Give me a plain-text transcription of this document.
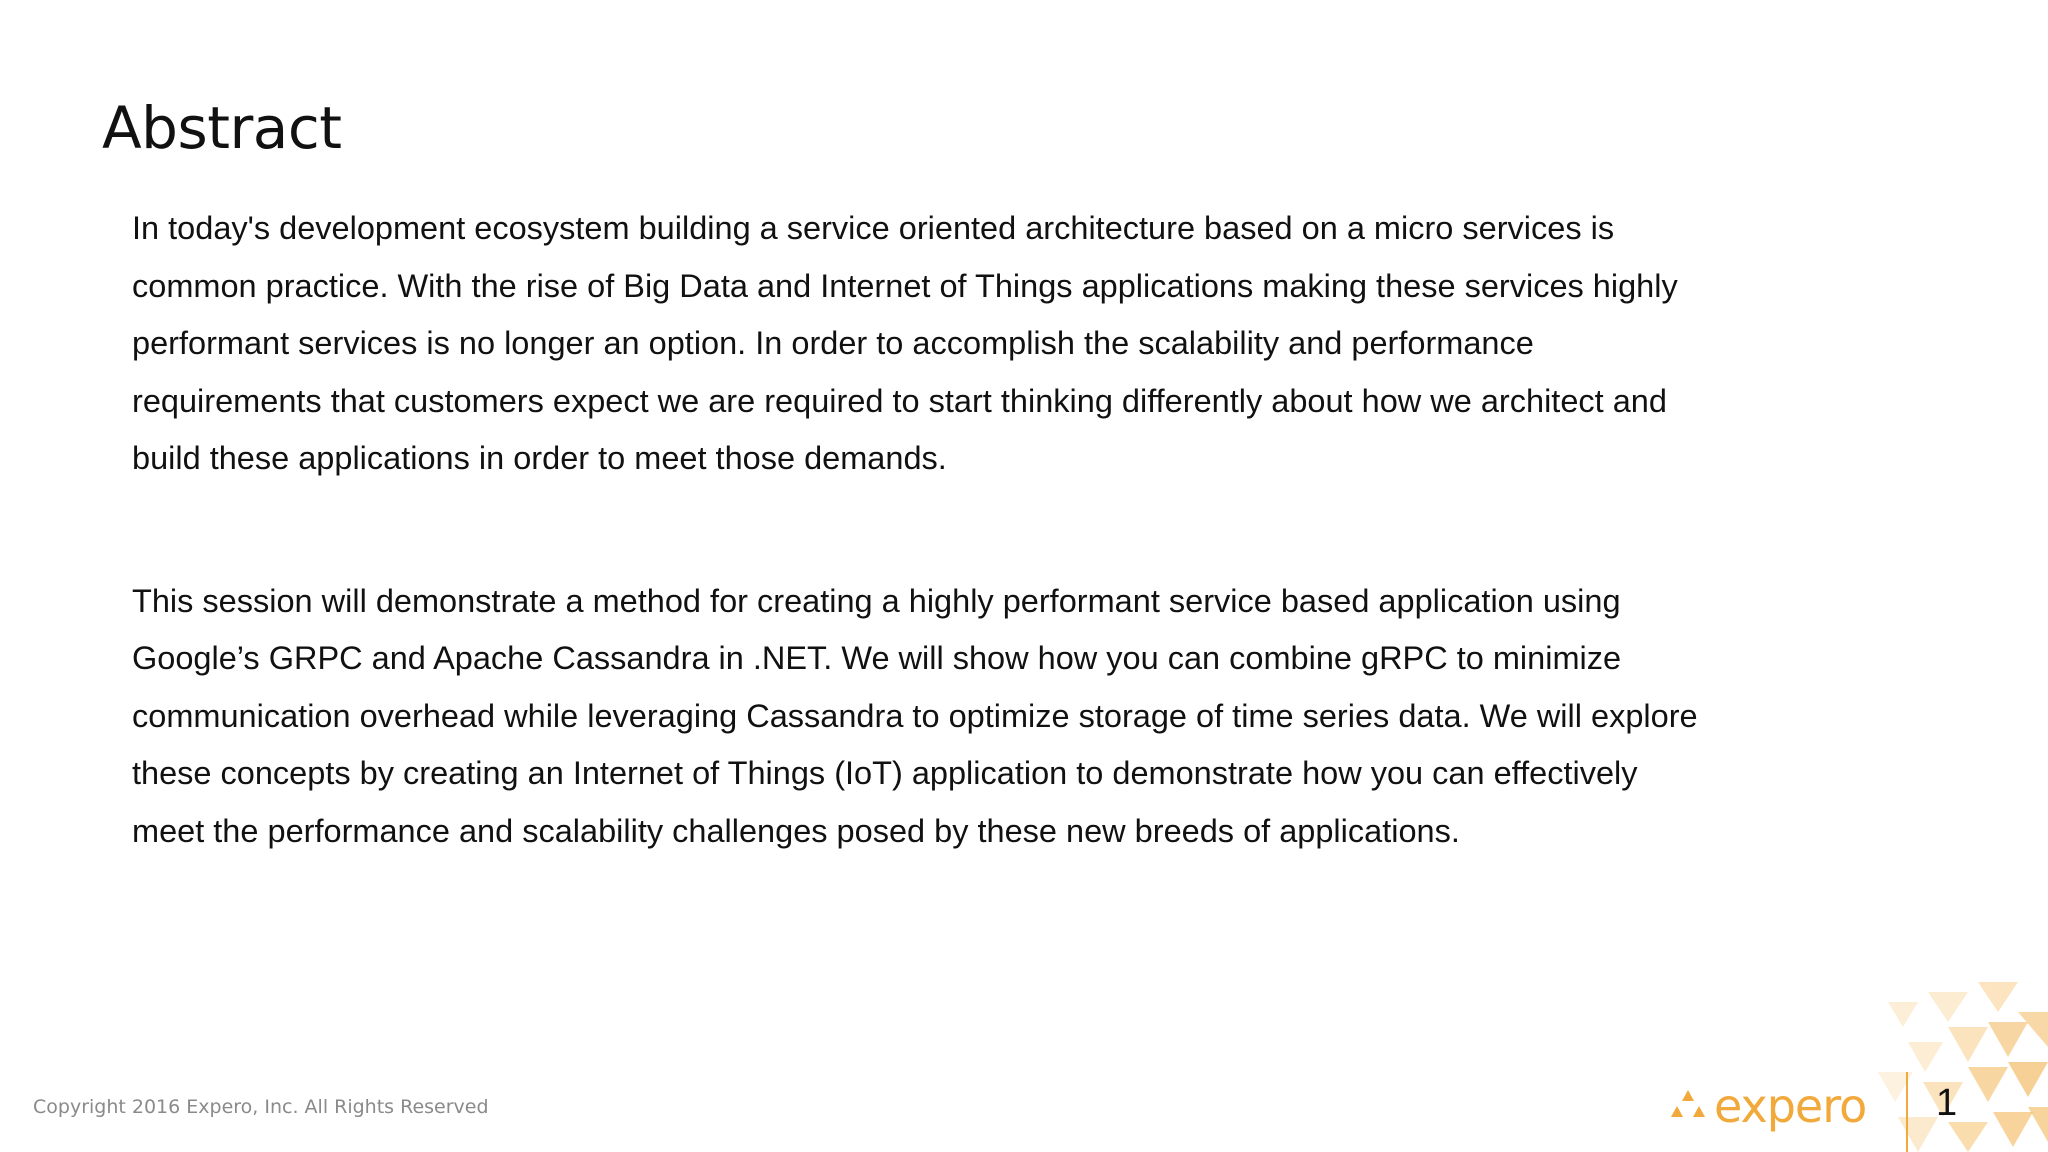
Abstract

In today's development ecosystem building a service oriented architecture based on a micro services is
common practice. With the rise of Big Data and Internet of Things applications making these services highly
performant services is no longer an option. In order to accomplish the scalability and performance
requirements that customers expect we are required to start thinking differently about how we architect and
build these applications in order to meet those demands.

This session will demonstrate a method for creating a highly performant service based application using
Google’s GRPC and Apache Cassandra in .NET. We will show how you can combine gRPC to minimize
communication overhead while leveraging Cassandra to optimize storage of time series data. We will explore
these concepts by creating an Internet of Things (IoT) application to demonstrate how you can effectively
meet the performance and scalability challenges posed by these new breeds of applications.

Copyright 2016 Expero, Inc. All Rights Reserved	expero 1
